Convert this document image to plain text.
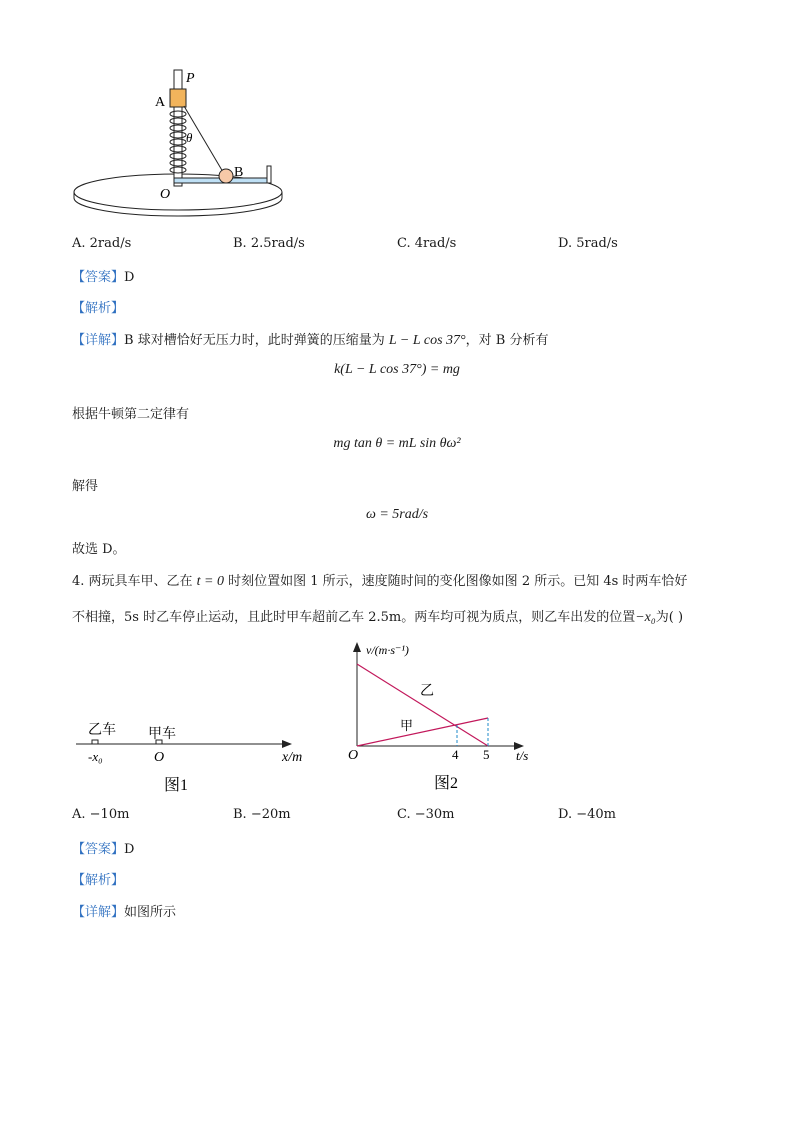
P
A
θ
B
O
A. 2rad/s	B. 2.5rad/s	C. 4rad/s	D. 5rad/s
【答案】D
【解析】
【详解】B 球对槽恰好无压力时，此时弹簧的压缩量为 L − L cos 37°，对 B 分析有
k(L − L cos 37°) = mg
根据牛顿第二定律有
mg tan θ = mL sin θω²
解得
ω = 5rad/s
故选 D。
4. 两玩具车甲、乙在 t = 0 时刻位置如图 1 所示，速度随时间的变化图像如图 2 所示。已知 4s 时两车恰好
不相撞，5s 时乙车停止运动，且此时甲车超前乙车 2.5m。两车均可视为质点，则乙车出发的位置−x₀为( )
乙车 甲车
-x₀	O	x/m
图1
v/(m·s⁻¹)
t/s
O	4 5
乙
甲
图2
A. −10m	B. −20m	C. −30m	D. −40m
【答案】D
【解析】
【详解】如图所示
